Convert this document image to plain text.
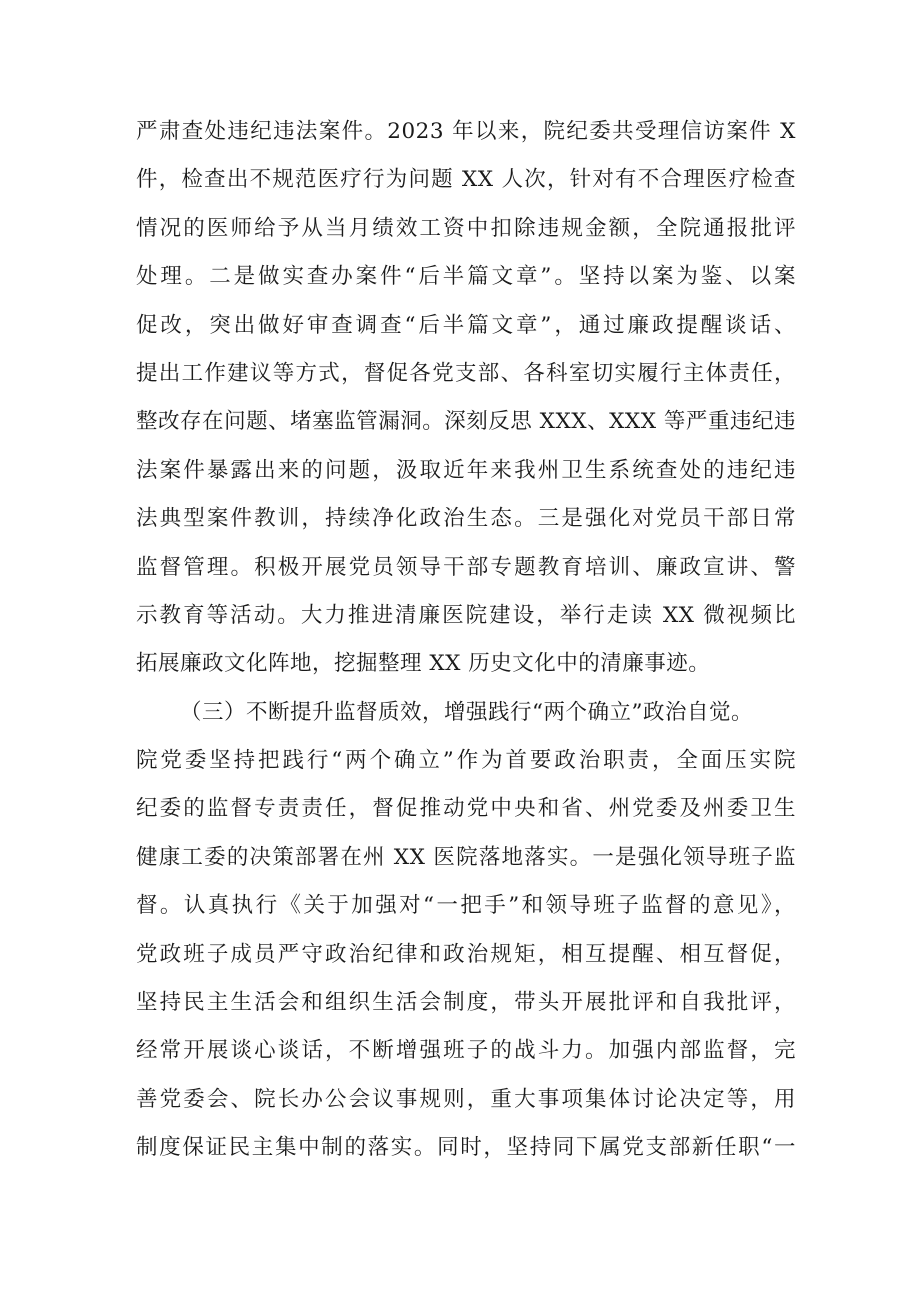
严肃查处违纪违法案件。2023 年以来，院纪委共受理信访案件 X
件，检查出不规范医疗行为问题 XX 人次，针对有不合理医疗检查
情况的医师给予从当月绩效工资中扣除违规金额，全院通报批评
处理。二是做实查办案件“后半篇文章”。坚持以案为鉴、以案
促改，突出做好审查调查“后半篇文章”，通过廉政提醒谈话、
提出工作建议等方式，督促各党支部、各科室切实履行主体责任，
整改存在问题、堵塞监管漏洞。深刻反思 XXX、XXX 等严重违纪违
法案件暴露出来的问题，汲取近年来我州卫生系统查处的违纪违
法典型案件教训，持续净化政治生态。三是强化对党员干部日常
监督管理。积极开展党员领导干部专题教育培训、廉政宣讲、警
示教育等活动。大力推进清廉医院建设，举行走读 XX 微视频比
拓展廉政文化阵地，挖掘整理 XX 历史文化中的清廉事迹。
（三）不断提升监督质效，增强践行“两个确立”政治自觉。
院党委坚持把践行“两个确立”作为首要政治职责，全面压实院
纪委的监督专责责任，督促推动党中央和省、州党委及州委卫生
健康工委的决策部署在州 XX 医院落地落实。一是强化领导班子监
督。认真执行《关于加强对“一把手”和领导班子监督的意见》，
党政班子成员严守政治纪律和政治规矩，相互提醒、相互督促，
坚持民主生活会和组织生活会制度，带头开展批评和自我批评，
经常开展谈心谈话，不断增强班子的战斗力。加强内部监督，完
善党委会、院长办公会议事规则，重大事项集体讨论决定等，用
制度保证民主集中制的落实。同时，坚持同下属党支部新任职“一
